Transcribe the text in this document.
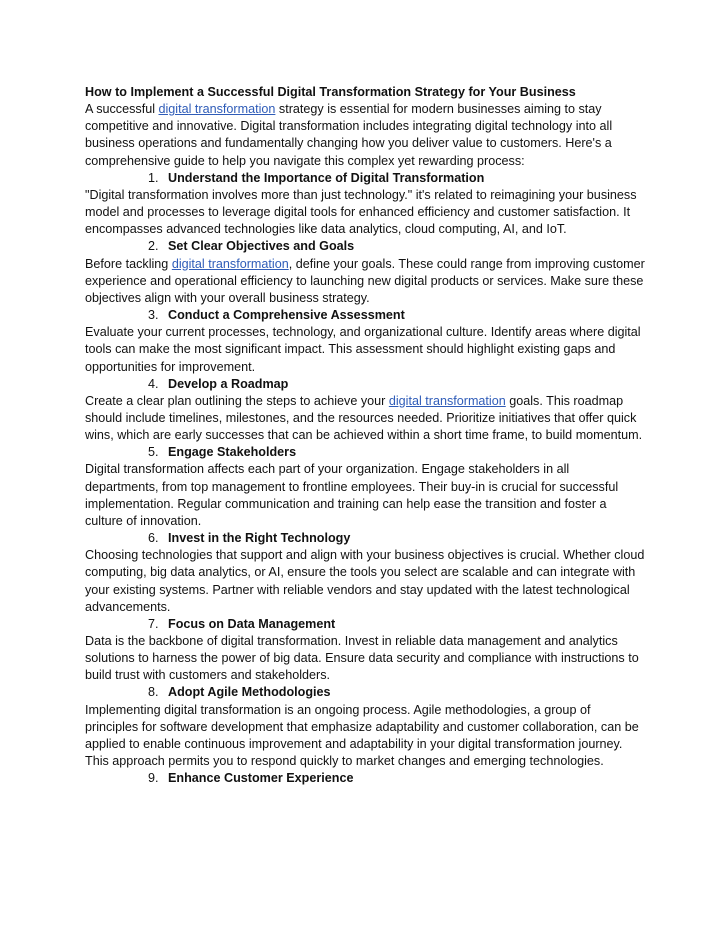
How to Implement a Successful Digital Transformation Strategy for Your Business

A successful digital transformation strategy is essential for modern businesses aiming to stay competitive and innovative. Digital transformation includes integrating digital technology into all business operations and fundamentally changing how you deliver value to customers. Here's a comprehensive guide to help you navigate this complex yet rewarding process:

1. Understand the Importance of Digital Transformation

"Digital transformation involves more than just technology." it's related to reimagining your business model and processes to leverage digital tools for enhanced efficiency and customer satisfaction. It encompasses advanced technologies like data analytics, cloud computing, AI, and IoT.

2. Set Clear Objectives and Goals

Before tackling digital transformation, define your goals. These could range from improving customer experience and operational efficiency to launching new digital products or services. Make sure these objectives align with your overall business strategy.

3. Conduct a Comprehensive Assessment

Evaluate your current processes, technology, and organizational culture. Identify areas where digital tools can make the most significant impact. This assessment should highlight existing gaps and opportunities for improvement.

4. Develop a Roadmap

Create a clear plan outlining the steps to achieve your digital transformation goals. This roadmap should include timelines, milestones, and the resources needed. Prioritize initiatives that offer quick wins, which are early successes that can be achieved within a short time frame, to build momentum.

5. Engage Stakeholders

Digital transformation affects each part of your organization. Engage stakeholders in all departments, from top management to frontline employees. Their buy-in is crucial for successful implementation. Regular communication and training can help ease the transition and foster a culture of innovation.

6. Invest in the Right Technology

Choosing technologies that support and align with your business objectives is crucial. Whether cloud computing, big data analytics, or AI, ensure the tools you select are scalable and can integrate with your existing systems. Partner with reliable vendors and stay updated with the latest technological advancements.

7. Focus on Data Management

Data is the backbone of digital transformation. Invest in reliable data management and analytics solutions to harness the power of big data. Ensure data security and compliance with instructions to build trust with customers and stakeholders.

8. Adopt Agile Methodologies

Implementing digital transformation is an ongoing process. Agile methodologies, a group of principles for software development that emphasize adaptability and customer collaboration, can be applied to enable continuous improvement and adaptability in your digital transformation journey. This approach permits you to respond quickly to market changes and emerging technologies.

9. Enhance Customer Experience
